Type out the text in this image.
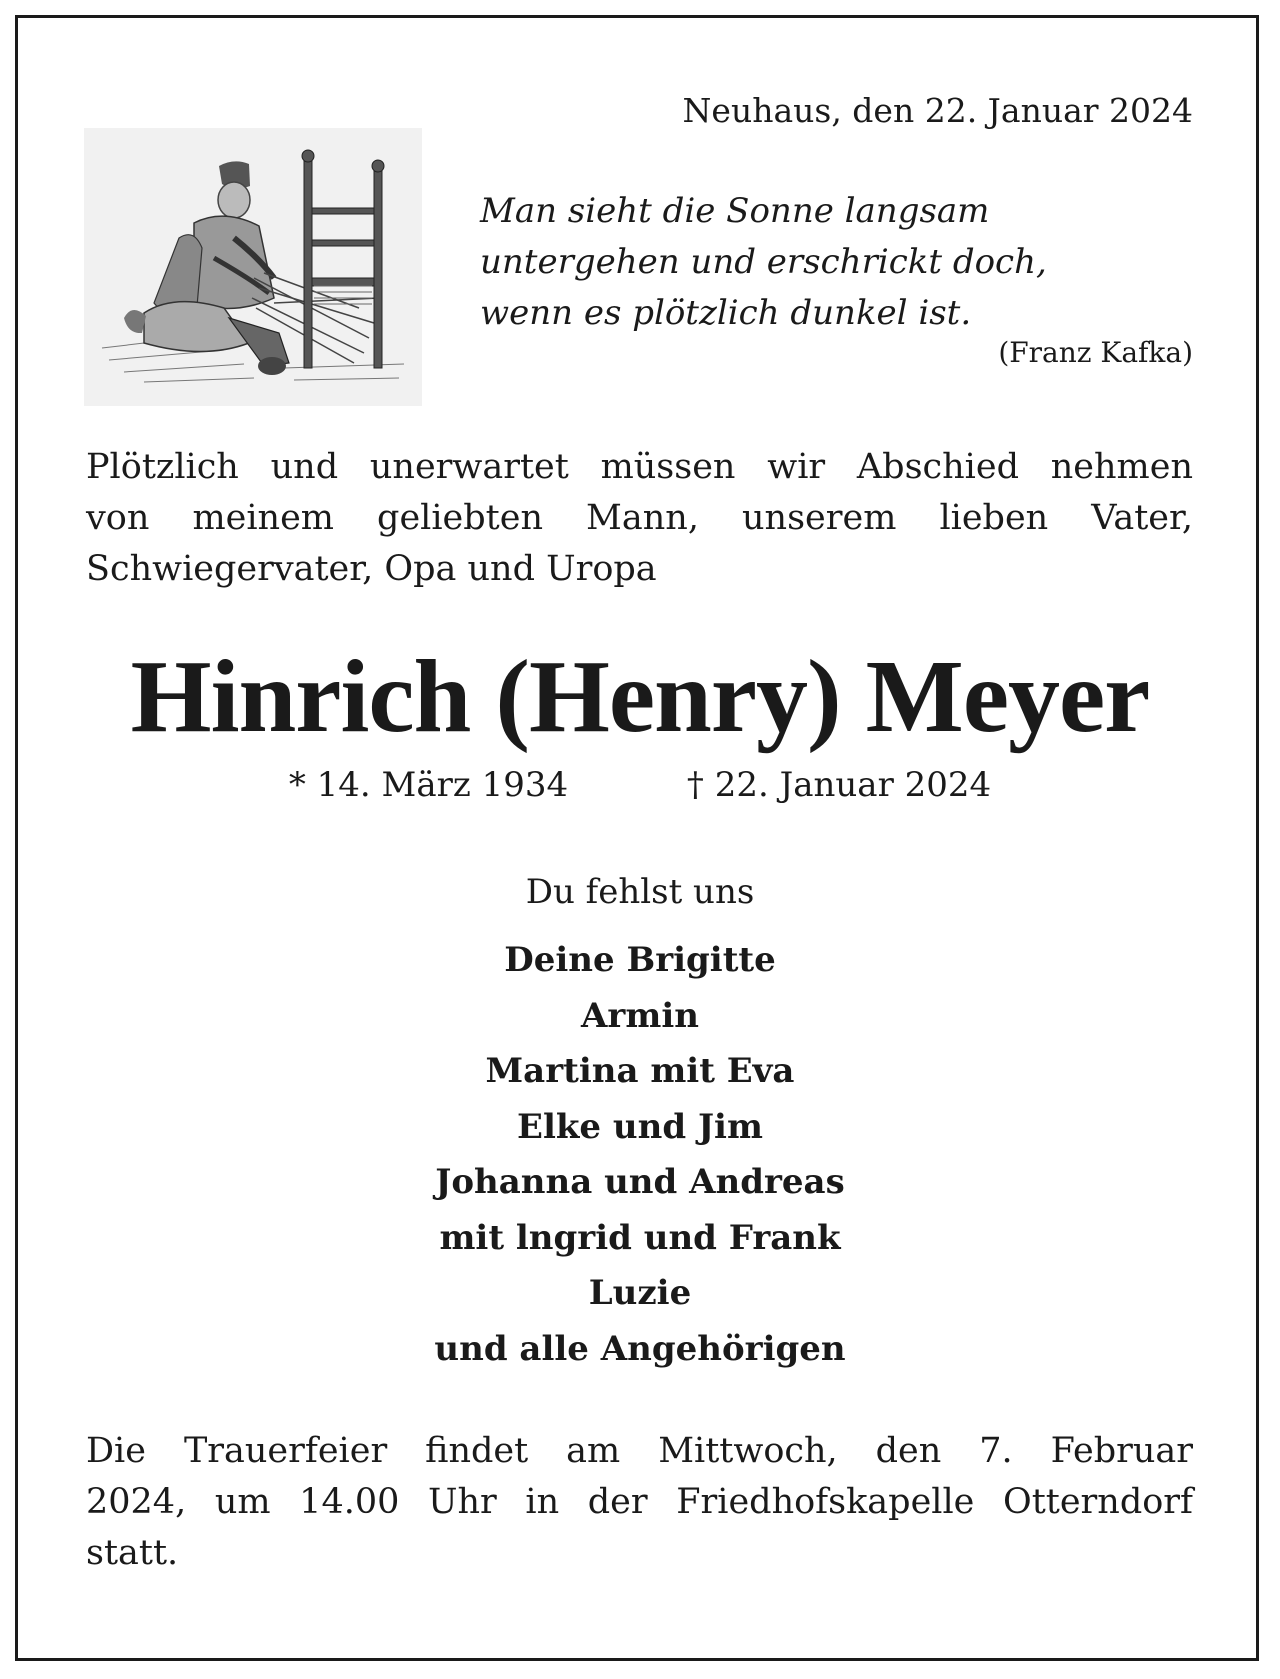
Neuhaus, den 22. Januar 2024
Man sieht die Sonne langsam
untergehen und erschrickt doch,
wenn es plötzlich dunkel ist.
(Franz Kafka)
Plötzlich und unerwartet müssen wir Abschied nehmen
von meinem geliebten Mann, unserem lieben Vater,
Schwiegervater, Opa und Uropa
Hinrich (Henry) Meyer
* 14. März 1934	† 22. Januar 2024
Du fehlst uns
Deine Brigitte
Armin
Martina mit Eva
Elke und Jim
Johanna und Andreas
mit lngrid und Frank
Luzie
und alle Angehörigen
Die Trauerfeier findet am Mittwoch, den 7. Februar
2024, um 14.00 Uhr in der Friedhofskapelle Otterndorf
statt.
